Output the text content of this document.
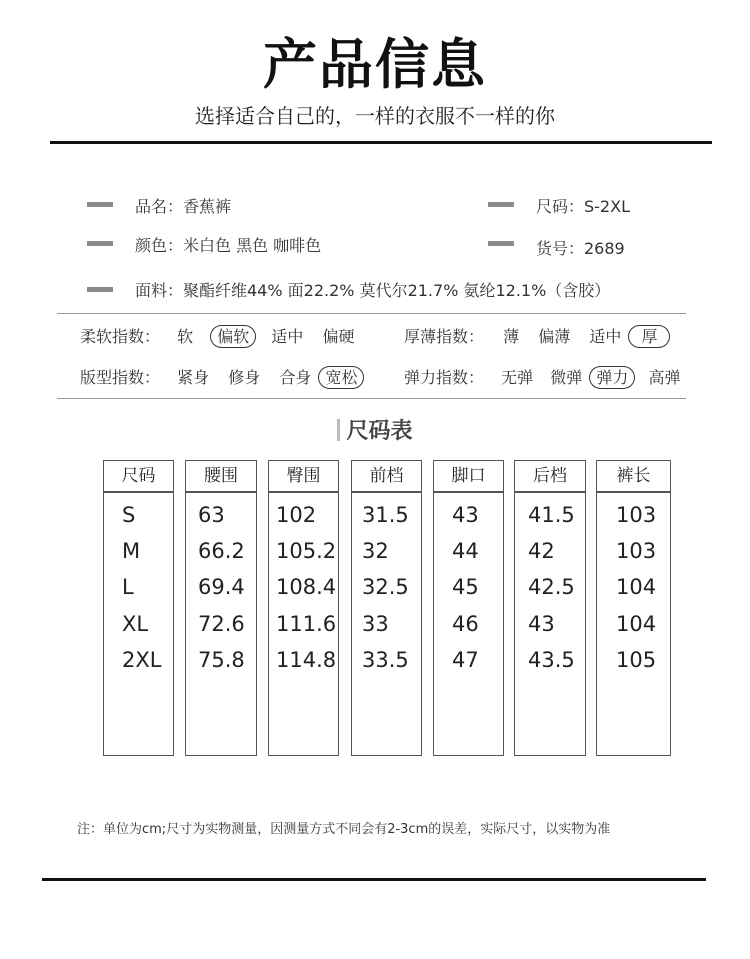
产品信息
选择适合自己的，一样的衣服不一样的你
品名：香蕉裤	尺码：S-2XL
颜色：米白色 黑色 咖啡色	货号：2689
面料：聚酯纤维44% 面22.2% 莫代尔21.7% 氨纶12.1%（含胶）
柔软指数： 软 偏软 适中 偏硬	厚薄指数： 薄 偏薄 适中 厚
版型指数： 紧身 修身 合身 宽松	弹力指数： 无弹 微弹 弹力 高弹
尺码表
尺码	腰围	臀围	前档	脚口	后档	裤长
S	63 102 31.5 43 41.5 103
M	66.2 105.2 32	44 42	103
L	69.4 108.4 32.5 45 42.5 104
XL 72.6 111.6 33	46 43	104
2XL 75.8 114.8 33.5 47 43.5 105
注：单位为cm;尺寸为实物测量，因测量方式不同会有2-3cm的误差，实际尺寸，以实物为准
